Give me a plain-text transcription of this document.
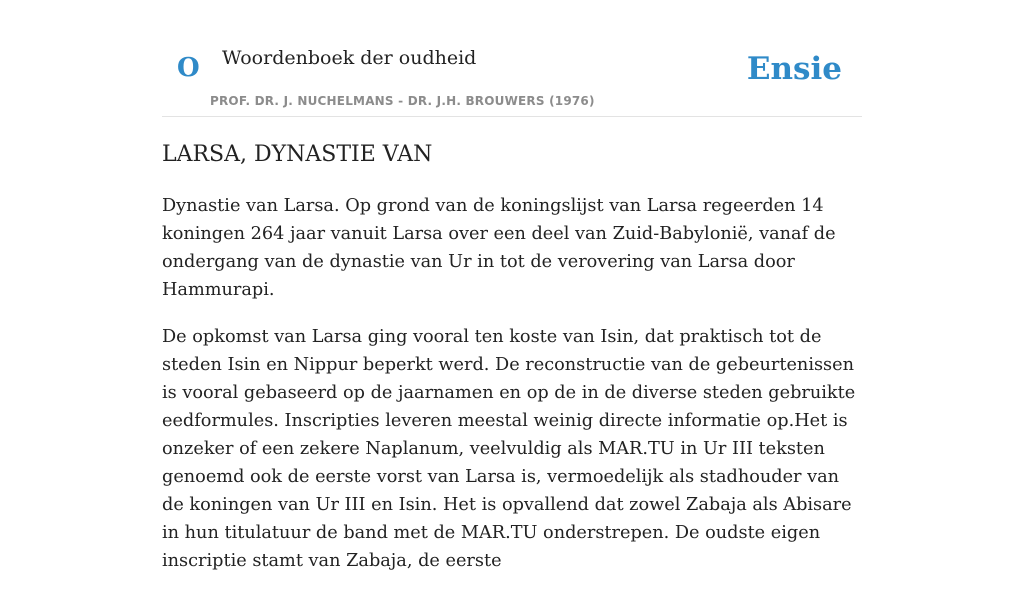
O Woordenboek der oudheid
PROF. DR. J. NUCHELMANS - DR. J.H. BROUWERS (1976)
Ensie
LARSA, DYNASTIE VAN

Dynastie van Larsa. Op grond van de koningslijst van Larsa regeerden 14 koningen 264 jaar vanuit Larsa over een deel van Zuid-Babylonië, vanaf de ondergang van de dynastie van Ur in tot de verovering van Larsa door Hammurapi.

De opkomst van Larsa ging vooral ten koste van Isin, dat praktisch tot de steden Isin en Nippur beperkt werd. De reconstructie van de gebeurtenissen is vooral gebaseerd op de jaarnamen en op de in de diverse steden gebruikte eedformules. Inscripties leveren meestal weinig directe informatie op.Het is onzeker of een zekere Naplanum, veelvuldig als MAR.TU in Ur III teksten genoemd ook de eerste vorst van Larsa is, vermoedelijk als stadhouder van de koningen van Ur III en Isin. Het is opvallend dat zowel Zabaja als Abisare in hun titulatuur de band met de MAR.TU onderstrepen. De oudste eigen inscriptie stamt van Zabaja, de eerste
